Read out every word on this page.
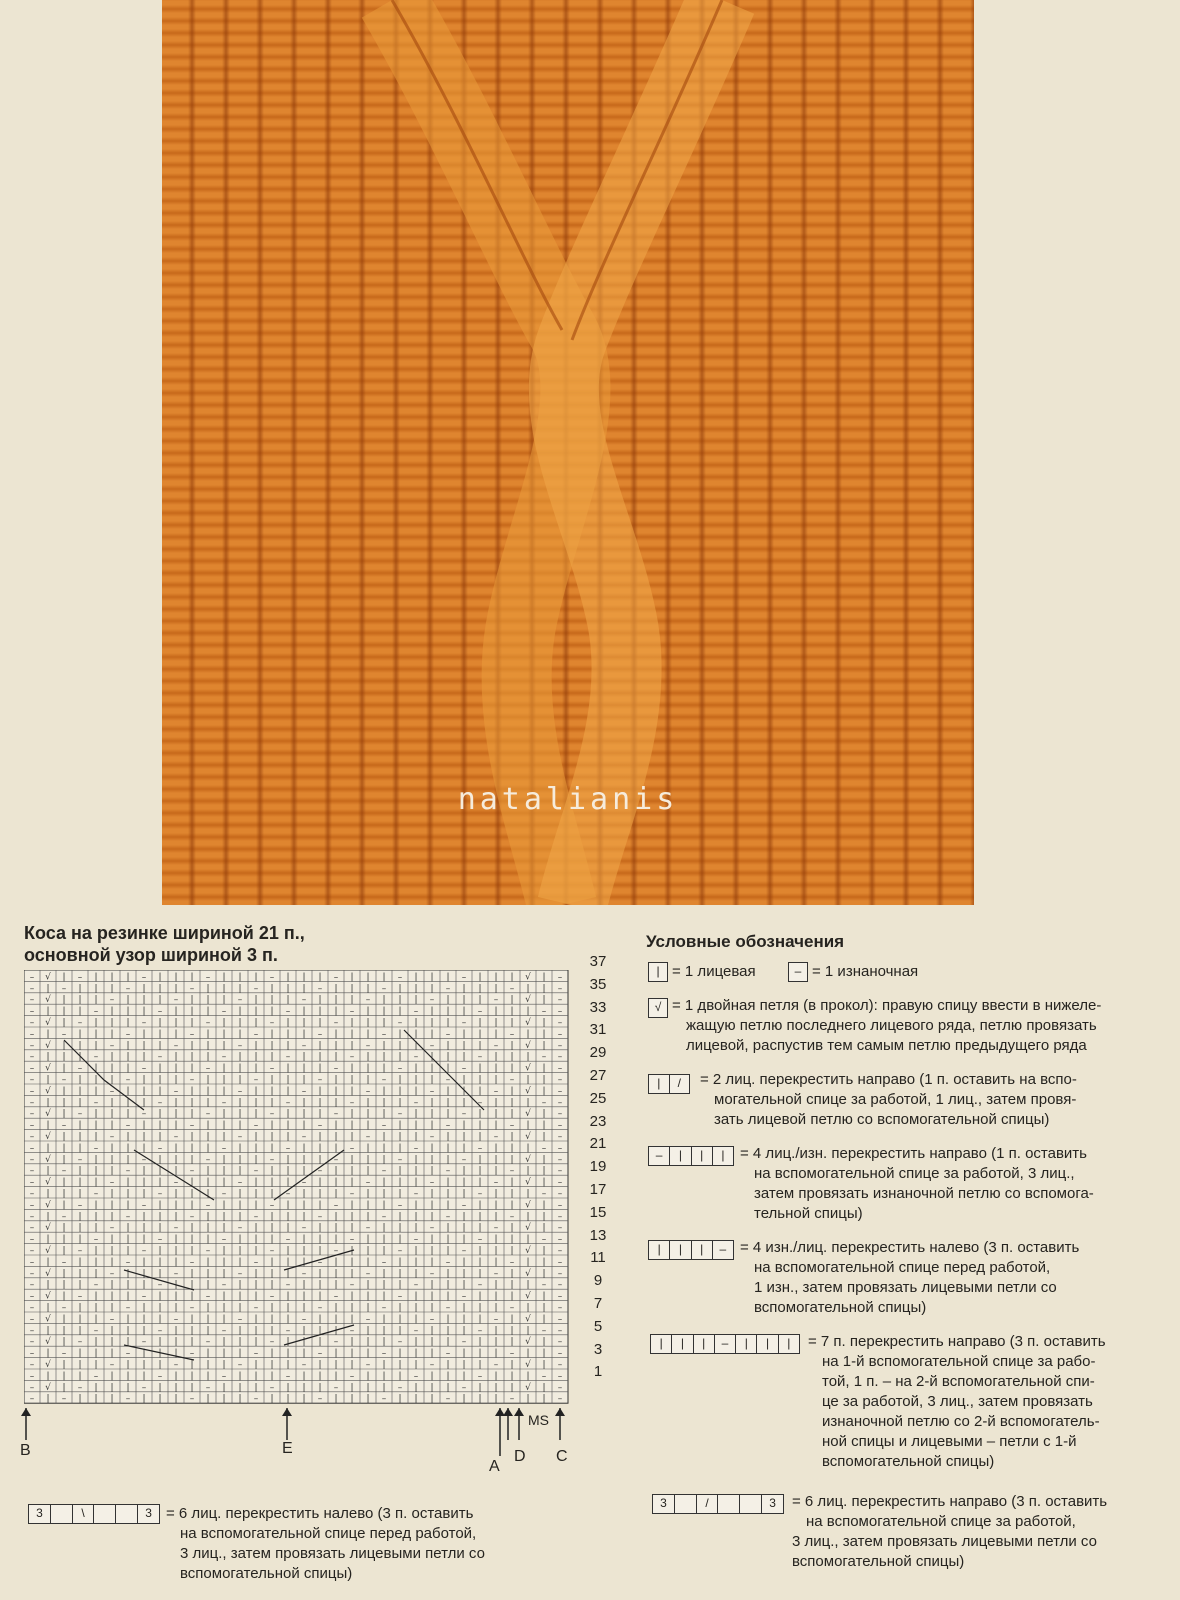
natalianis
Коса на резинке шириной 21 п.,
основной узор шириной 3 п.
– √ | – | | | – | | | – | | | – | | | – | | | – | | | – | | | √ | –
– | – | | | – | | | – | | | – | | | – | | | – | | | – | | | – | | –
– √ | | | – | | | – | | | – | | | – | | | – | | | – | | | – | √ | –
– | | | – | | | – | | | – | | | – | | | – | | | – | | | – | | | – –
– √ | – | | | – | | | – | | | – | | | – | | | – | | | – | | | √ | –
– | – | | | – | | | – | | | – | | | – | | | – | | | – | | | – | | –
– √ | | | – | | | – | | | – | | | – | | | – | | | – | | | – | √ | –
– | | | – | | | – | | | – | | | – | | | – | | | – | | | – | | | – –
– √ | – | | | – | | | – | | | – | | | – | | | – | | | – | | | √ | –
– | – | | | – | | | – | | | – | | | – | | | – | | | – | | | – | | –
– √ | | | – | | | – | | | – | | | – | | | – | | | – | | | – | √ | –
– | | | – | | | – | | | – | | | – | | | – | | | – | | | – | | | – –
– √ | – | | | – | | | – | | | – | | | – | | | – | | | – | | | √ | –
– | – | | | – | | | – | | | – | | | – | | | – | | | – | | | – | | –
– √ | | | – | | | – | | | – | | | – | | | – | | | – | | | – | √ | –
– | | | – | | | – | | | – | | | – | | | – | | | – | | | – | | | – –
– √ | – | | | – | | | – | | | – | | | – | | | – | | | – | | | √ | –
– | – | | | – | | | – | | | – | | | – | | | – | | | – | | | – | | –
– √ | | | – | | | – | | | – | | | – | | | – | | | – | | | – | √ | –
– | | | – | | | – | | | – | | | – | | | – | | | – | | | – | | | – –
– √ | – | | | – | | | – | | | – | | | – | | | – | | | – | | | √ | –
– | – | | | – | | | – | | | – | | | – | | | – | | | – | | | – | | –
– √ | | | – | | | – | | | – | | | – | | | – | | | – | | | – | √ | –
– | | | – | | | – | | | – | | | – | | | – | | | – | | | – | | | – –
– √ | – | | | – | | | – | | | – | | | – | | | – | | | – | | | √ | –
– | – | | | – | | | – | | | – | | | – | | | – | | | – | | | – | | –
– √ | | | – | | | – | | | – | | | – | | | – | | | – | | | – | √ | –
– | | | – | | | – | | | – | | | – | | | – | | | – | | | – | | | – –
– √ | – | | | – | | | – | | | – | | | – | | | – | | | – | | | √ | –
– | – | | | – | | | – | | | – | | | – | | | – | | | – | | | – | | –
– √ | | | – | | | – | | | – | | | – | | | – | | | – | | | – | √ | –
– | | | – | | | – | | | – | | | – | | | – | | | – | | | – | | | – –
– √ | – | | | – | | | – | | | – | | | – | | | – | | | – | | | √ | –
– | – | | | – | | | – | | | – | | | – | | | – | | | – | | | – | | –
– √ | | | – | | | – | | | – | | | – | | | – | | | – | | | – | √ | –
– | | | – | | | – | | | – | | | – | | | – | | | – | | | – | | | – –
– √ | – | | | – | | | – | | | – | | | – | | | – | | | – | | | √ | –
– | – | | | – | | | – | | | – | | | – | | | – | | | – | | | – | | –
37
35
33
31
29
27
25
23
21
19
17
15
13
11
9
7
5
3
1
B	E
A
D
MS
C
Условные обозначения
| = 1 лицевая	– = 1 изнаночная
√ = 1 двойная петля (в прокол): правую спицу ввести в нижеле-
жащую петлю последнего лицевого ряда, петлю провязать
лицевой, распустив тем самым петлю предыдущего ряда
|	/	= 2 лиц. перекрестить направо (1 п. оставить на вспо-
могательной спице за работой, 1 лиц., затем провя-
зать лицевой петлю со вспомогательной спицы)
–	|	|	|	= 4 лиц./изн. перекрестить направо (1 п. оставить
на вспомогательной спице за работой, 3 лиц.,
затем провязать изнаночной петлю со вспомога-
тельной спицы)
|	|	|	– = 4 изн./лиц. перекрестить налево (3 п. оставить
на вспомогательной спице перед работой,
1 изн., затем провязать лицевыми петли со
вспомогательной спицы)
|	|	|	–	|	|	|	= 7 п. перекрестить направо (3 п. оставить
на 1-й вспомогательной спице за рабо-
той, 1 п. – на 2-й вспомогательной спи-
це за работой, 3 лиц., затем провязать
изнаночной петлю со 2-й вспомогатель-
ной спицы и лицевыми – петли с 1-й
вспомогательной спицы)
3	/	3	= 6 лиц. перекрестить направо (3 п. оставить
на вспомогательной спице за работой,
3 лиц., затем провязать лицевыми петли со
вспомогательной спицы)
3	\	3 = 6 лиц. перекрестить налево (3 п. оставить
на вспомогательной спице перед работой,
3 лиц., затем провязать лицевыми петли со
вспомогательной спицы)
